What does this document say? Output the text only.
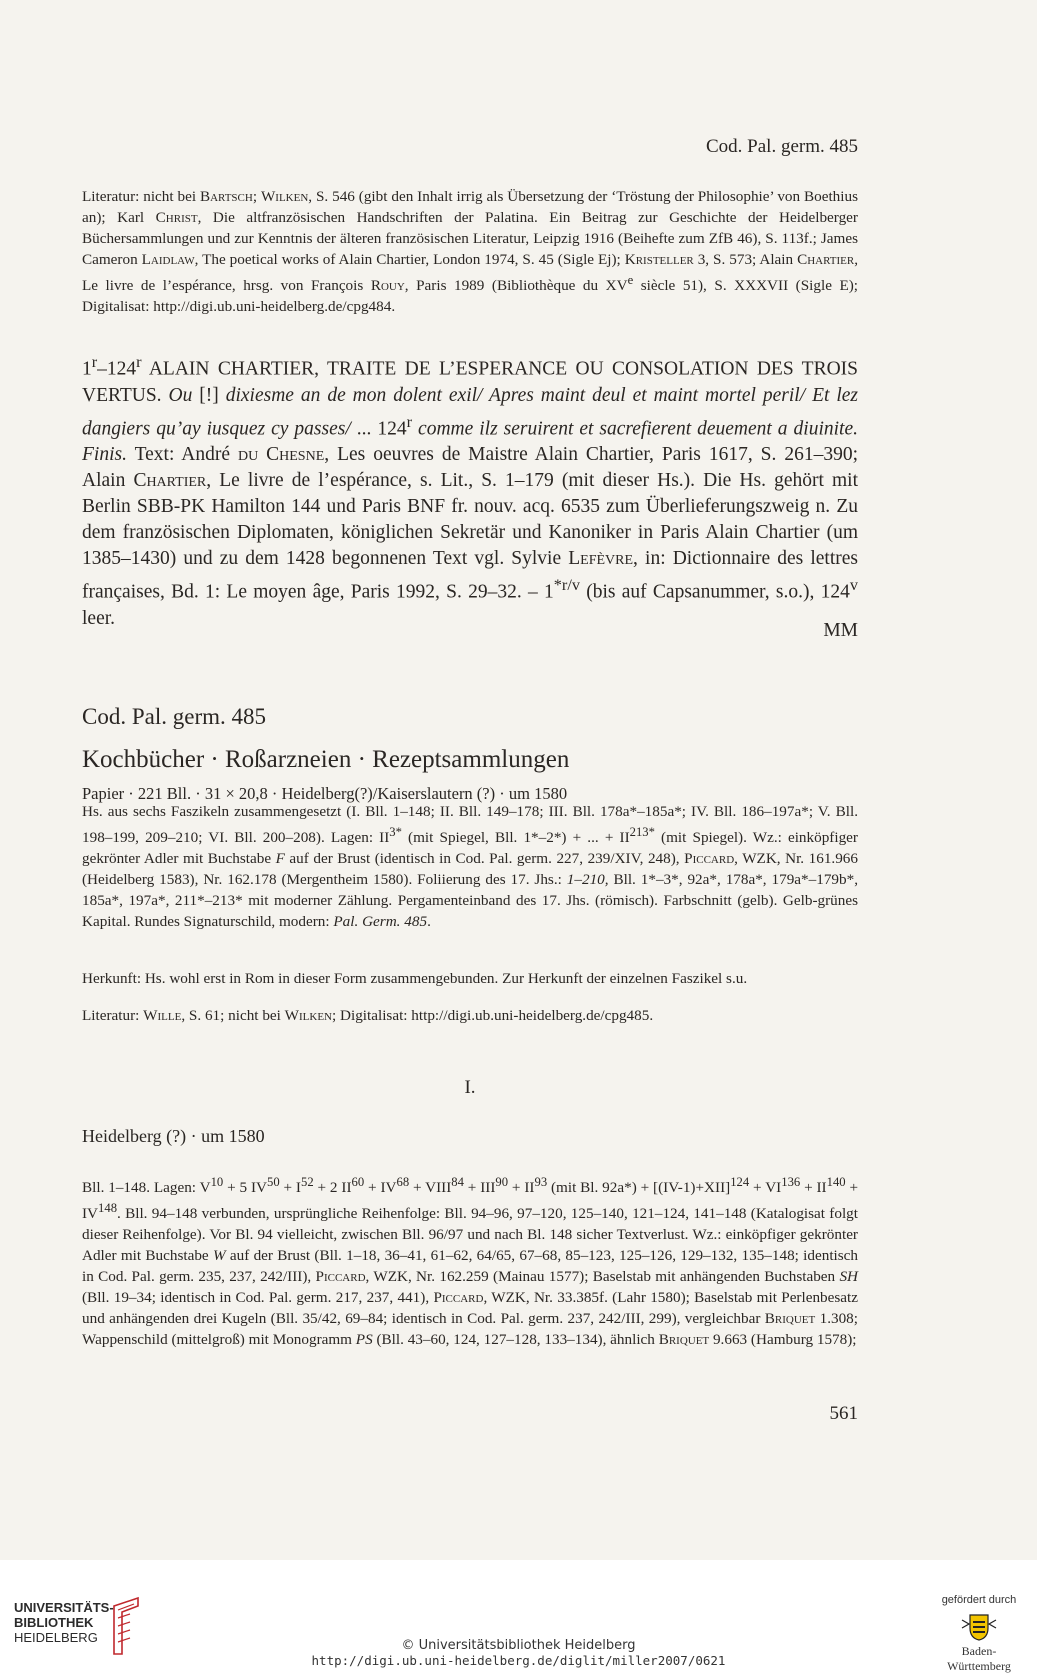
Cod. Pal. germ. 485

Literatur: nicht bei Bartsch; Wilken, S. 546 (gibt den Inhalt irrig als Übersetzung der ‘Tröstung der Philosophie’ von Boethius an); Karl Christ, Die altfranzösischen Handschriften der Palatina. Ein Beitrag zur Geschichte der Heidelberger Büchersammlungen und zur Kenntnis der älteren französischen Literatur, Leipzig 1916 (Beihefte zum ZfB 46), S. 113f.; James Cameron Laidlaw, The poetical works of Alain Chartier, London 1974, S. 45 (Sigle Ej); Kristeller 3, S. 573; Alain Chartier, Le livre de l’espérance, hrsg. von François Rouy, Paris 1989 (Bibliothèque du XVe siècle 51), S. XXXVII (Sigle E); Digitalisat: http://digi.ub.uni-heidelberg.de/cpg484.

1$^r$–124$^r$ ALAIN CHARTIER, TRAITE DE L’ESPERANCE OU CONSOLATION DES TROIS VERTUS. Ou [!] dixiesme an de mon dolent exil/ Apres maint deul et maint mortel peril/ Et lez dangiers qu’ay iusquez cy passes/ ... 124$^r$ comme ilz seruirent et sacrefierent deuement a diuinite. Finis. Text: André du Chesne, Les oeuvres de Maistre Alain Chartier, Paris 1617, S. 261–390; Alain Chartier, Le livre de l’espérance, s. Lit., S. 1–179 (mit dieser Hs.). Die Hs. gehört mit Berlin SBB-PK Hamilton 144 und Paris BNF fr. nouv. acq. 6535 zum Überlieferungszweig n. Zu dem französischen Diplomaten, königlichen Sekretär und Kanoniker in Paris Alain Chartier (um 1385–1430) und zu dem 1428 begonnenen Text vgl. Sylvie Lefèvre, in: Dictionnaire des lettres françaises, Bd. 1: Le moyen âge, Paris 1992, S. 29–32. – $1^{*r/v}$ (bis auf Capsanummer, s.o.), 124$^v$ leer.

MM
Cod. Pal. germ. 485
Kochbücher · Roßarzneien · Rezeptsammlungen
Papier · 221 Bll. · 31 × 20,8 · Heidelberg(?)/Kaiserslautern (?) · um 1580

Hs. aus sechs Faszikeln zusammengesetzt (I. Bll. 1–148; II. Bll. 149–178; III. Bll. 178a*–185a*; IV. Bll. 186–197a*; V. Bll. 198–199, 209–210; VI. Bll. 200–208). Lagen: $II^{3*}$ (mit Spiegel, Bll. 1*–2*) + ... + $II^{213*}$ (mit Spiegel). Wz.: einköpfiger gekrönter Adler mit Buchstabe F auf der Brust (identisch in Cod. Pal. germ. 227, 239/XIV, 248), Piccard, WZK, Nr. 161.966 (Heidelberg 1583), Nr. 162.178 (Mergentheim 1580). Foliierung des 17. Jhs.: 1–210, Bll. 1*–3*, 92a*, 178a*, 179a*–179b*, 185a*, 197a*, 211*–213* mit moderner Zählung. Pergamenteinband des 17. Jhs. (römisch). Farbschnitt (gelb). Gelb-grünes Kapital. Rundes Signaturschild, modern: Pal. Germ. 485.

Herkunft: Hs. wohl erst in Rom in dieser Form zusammengebunden. Zur Herkunft der einzelnen Faszikel s.u.

Literatur: Wille, S. 61; nicht bei Wilken; Digitalisat: http://digi.ub.uni-heidelberg.de/cpg485.

I.
Heidelberg (?) · um 1580

Bll. 1–148. Lagen: $V^{10} + 5$ $IV^{50} + I^{52} + 2$ $II^{60} + IV^{68}$ + $VIII^{84} + III^{90} + II^{93}$ (mit Bl. $92a*) + [(IV-1)+XII]^{124} + VI^{136} + II^{140} + IV^{148}$. Bll. 94–148 verbunden, ursprüngliche Reihenfolge: Bll. 94–96, 97–120, 125–140, 121–124, 141–148 (Katalogisat folgt dieser Reihenfolge). Vor Bl. 94 vielleicht, zwischen Bll. 96/97 und nach Bl. 148 sicher Textverlust. Wz.: einköpfiger gekrönter Adler mit Buchstabe W auf der Brust (Bll. 1–18, 36–41, 61–62, 64/65, 67–68, 85–123, 125–126, 129–132, 135–148; identisch in Cod. Pal. germ. 235, 237, 242/III), Piccard, WZK, Nr. 162.259 (Mainau 1577); Baselstab mit anhängenden Buchstaben SH (Bll. 19–34; identisch in Cod. Pal. germ. 217, 237, 441), Piccard, WZK, Nr. 33.385f. (Lahr 1580); Baselstab mit Perlenbesatz und anhängenden drei Kugeln (Bll. 35/42, 69–84; identisch in Cod. Pal. germ. 237, 242/III, 299), vergleichbar Briquet 1.308; Wappenschild (mittelgroß) mit Monogramm PS (Bll. 43–60, 124, 127–128, 133–134), ähnlich Briquet 9.663 (Hamburg 1578);

561
UNIVERSITÄTS-
BIBLIOTHEK
HEIDELBERG
© Universitätsbibliothek Heidelberg
http://digi.ub.uni-heidelberg.de/diglit/miller2007/0621
gefördert durch
Baden-Württemberg
